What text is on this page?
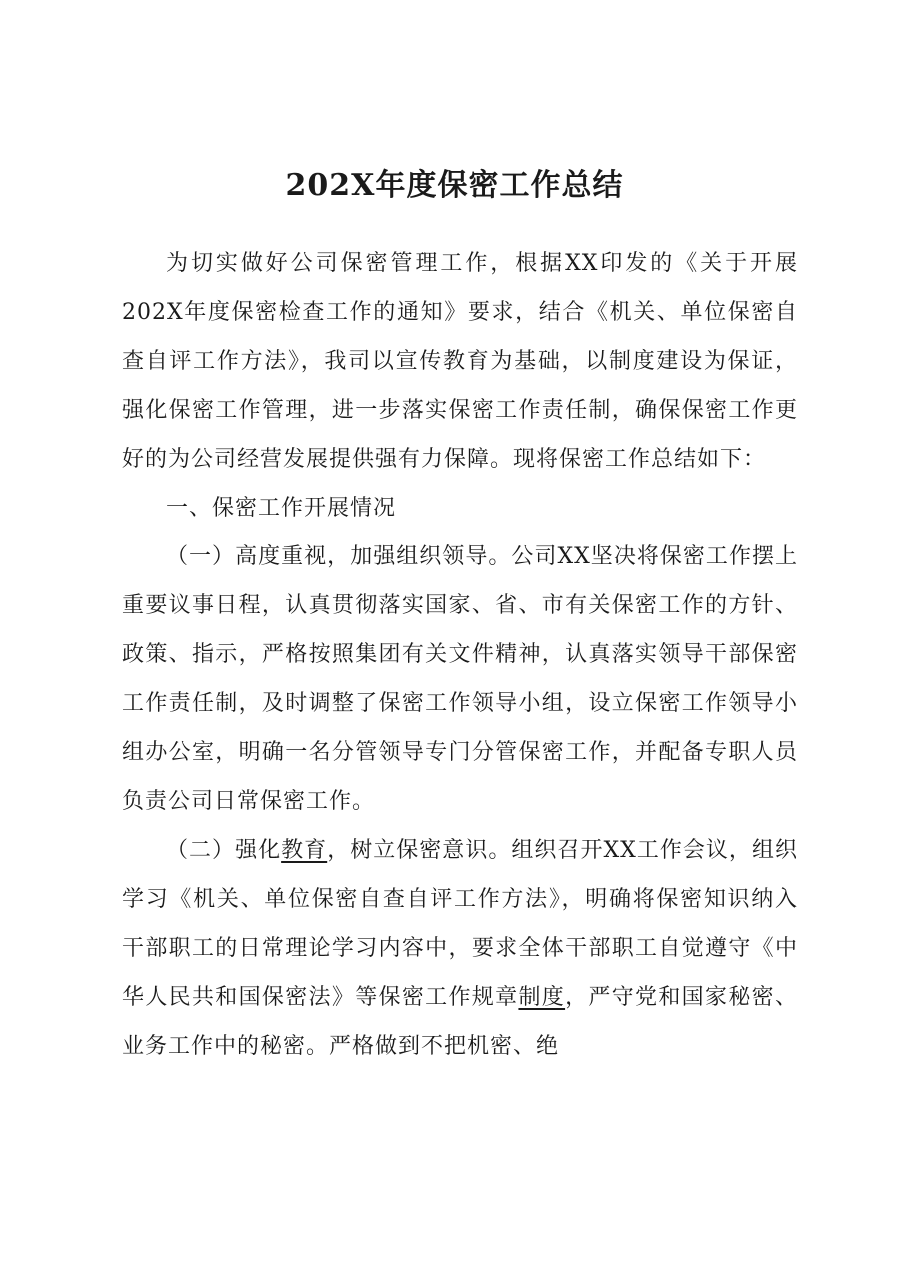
202X年度保密工作总结

为切实做好公司保密管理工作，根据XX印发的《关于开展202X年度保密检查工作的通知》要求，结合《机关、单位保密自查自评工作方法》，我司以宣传教育为基础，以制度建设为保证，强化保密工作管理，进一步落实保密工作责任制，确保保密工作更好的为公司经营发展提供强有力保障。现将保密工作总结如下：

一、保密工作开展情况

（一）高度重视，加强组织领导。公司XX坚决将保密工作摆上重要议事日程，认真贯彻落实国家、省、市有关保密工作的方针、政策、指示，严格按照集团有关文件精神，认真落实领导干部保密工作责任制，及时调整了保密工作领导小组，设立保密工作领导小组办公室，明确一名分管领导专门分管保密工作，并配备专职人员负责公司日常保密工作。

（二）强化教育，树立保密意识。组织召开XX工作会议，组织学习《机关、单位保密自查自评工作方法》，明确将保密知识纳入干部职工的日常理论学习内容中，要求全体干部职工自觉遵守《中华人民共和国保密法》等保密工作规章制度，严守党和国家秘密、业务工作中的秘密。严格做到不把机密、绝
